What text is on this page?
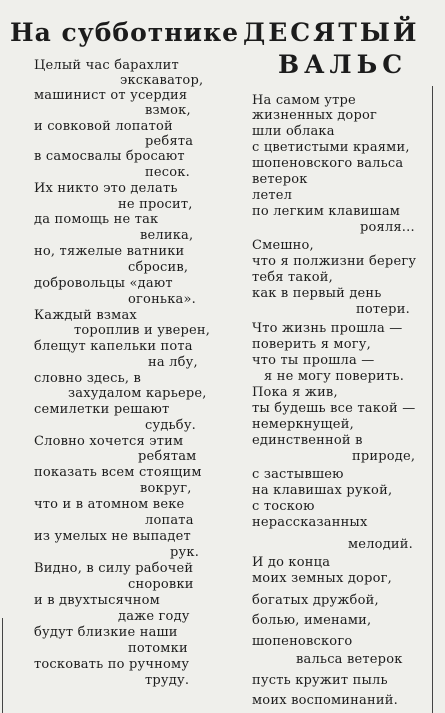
На субботнике ДЕСЯТЫЙ
ВАЛЬС
Целый час барахлит
экскаватор,
машинист от усердия
взмок,
и совковой лопатой
ребята
в самосвалы бросают
песок.
Их никто это делать
не просит,
да помощь не так
велика,
но, тяжелые ватники
сбросив,
добровольцы «дают
огонька».
Каждый взмах
тороплив и уверен,
блещут капельки пота
на лбу,
словно здесь, в
захудалом карьере,
семилетки решают
судьбу.
Словно хочется этим
ребятам
показать всем стоящим
вокруг,
что и в атомном веке
лопата
из умелых не выпадет
рук.
Видно, в силу рабочей
сноровки
и в двухтысячном
даже году
будут близкие наши
потомки
тосковать по ручному
труду.
На самом утре
жизненных дорог
шли облака
с цветистыми краями,
шопеновского вальса
ветерок
летел
по легким клавишам
рояля...
Смешно,
что я полжизни берегу
тебя такой,
как в первый день
потери.
Что жизнь прошла —
поверить я могу,
что ты прошла —
я не могу поверить.
Пока я жив,
ты будешь все такой —
немеркнущей,
единственной в
природе,
с застывшею
на клавишах рукой,
с тоскою
нерассказанных
мелодий.
И до конца
моих земных дорог,
богатых дружбой,
болью, именами,
шопеновского
вальса ветерок
пусть кружит пыль
моих воспоминаний.
